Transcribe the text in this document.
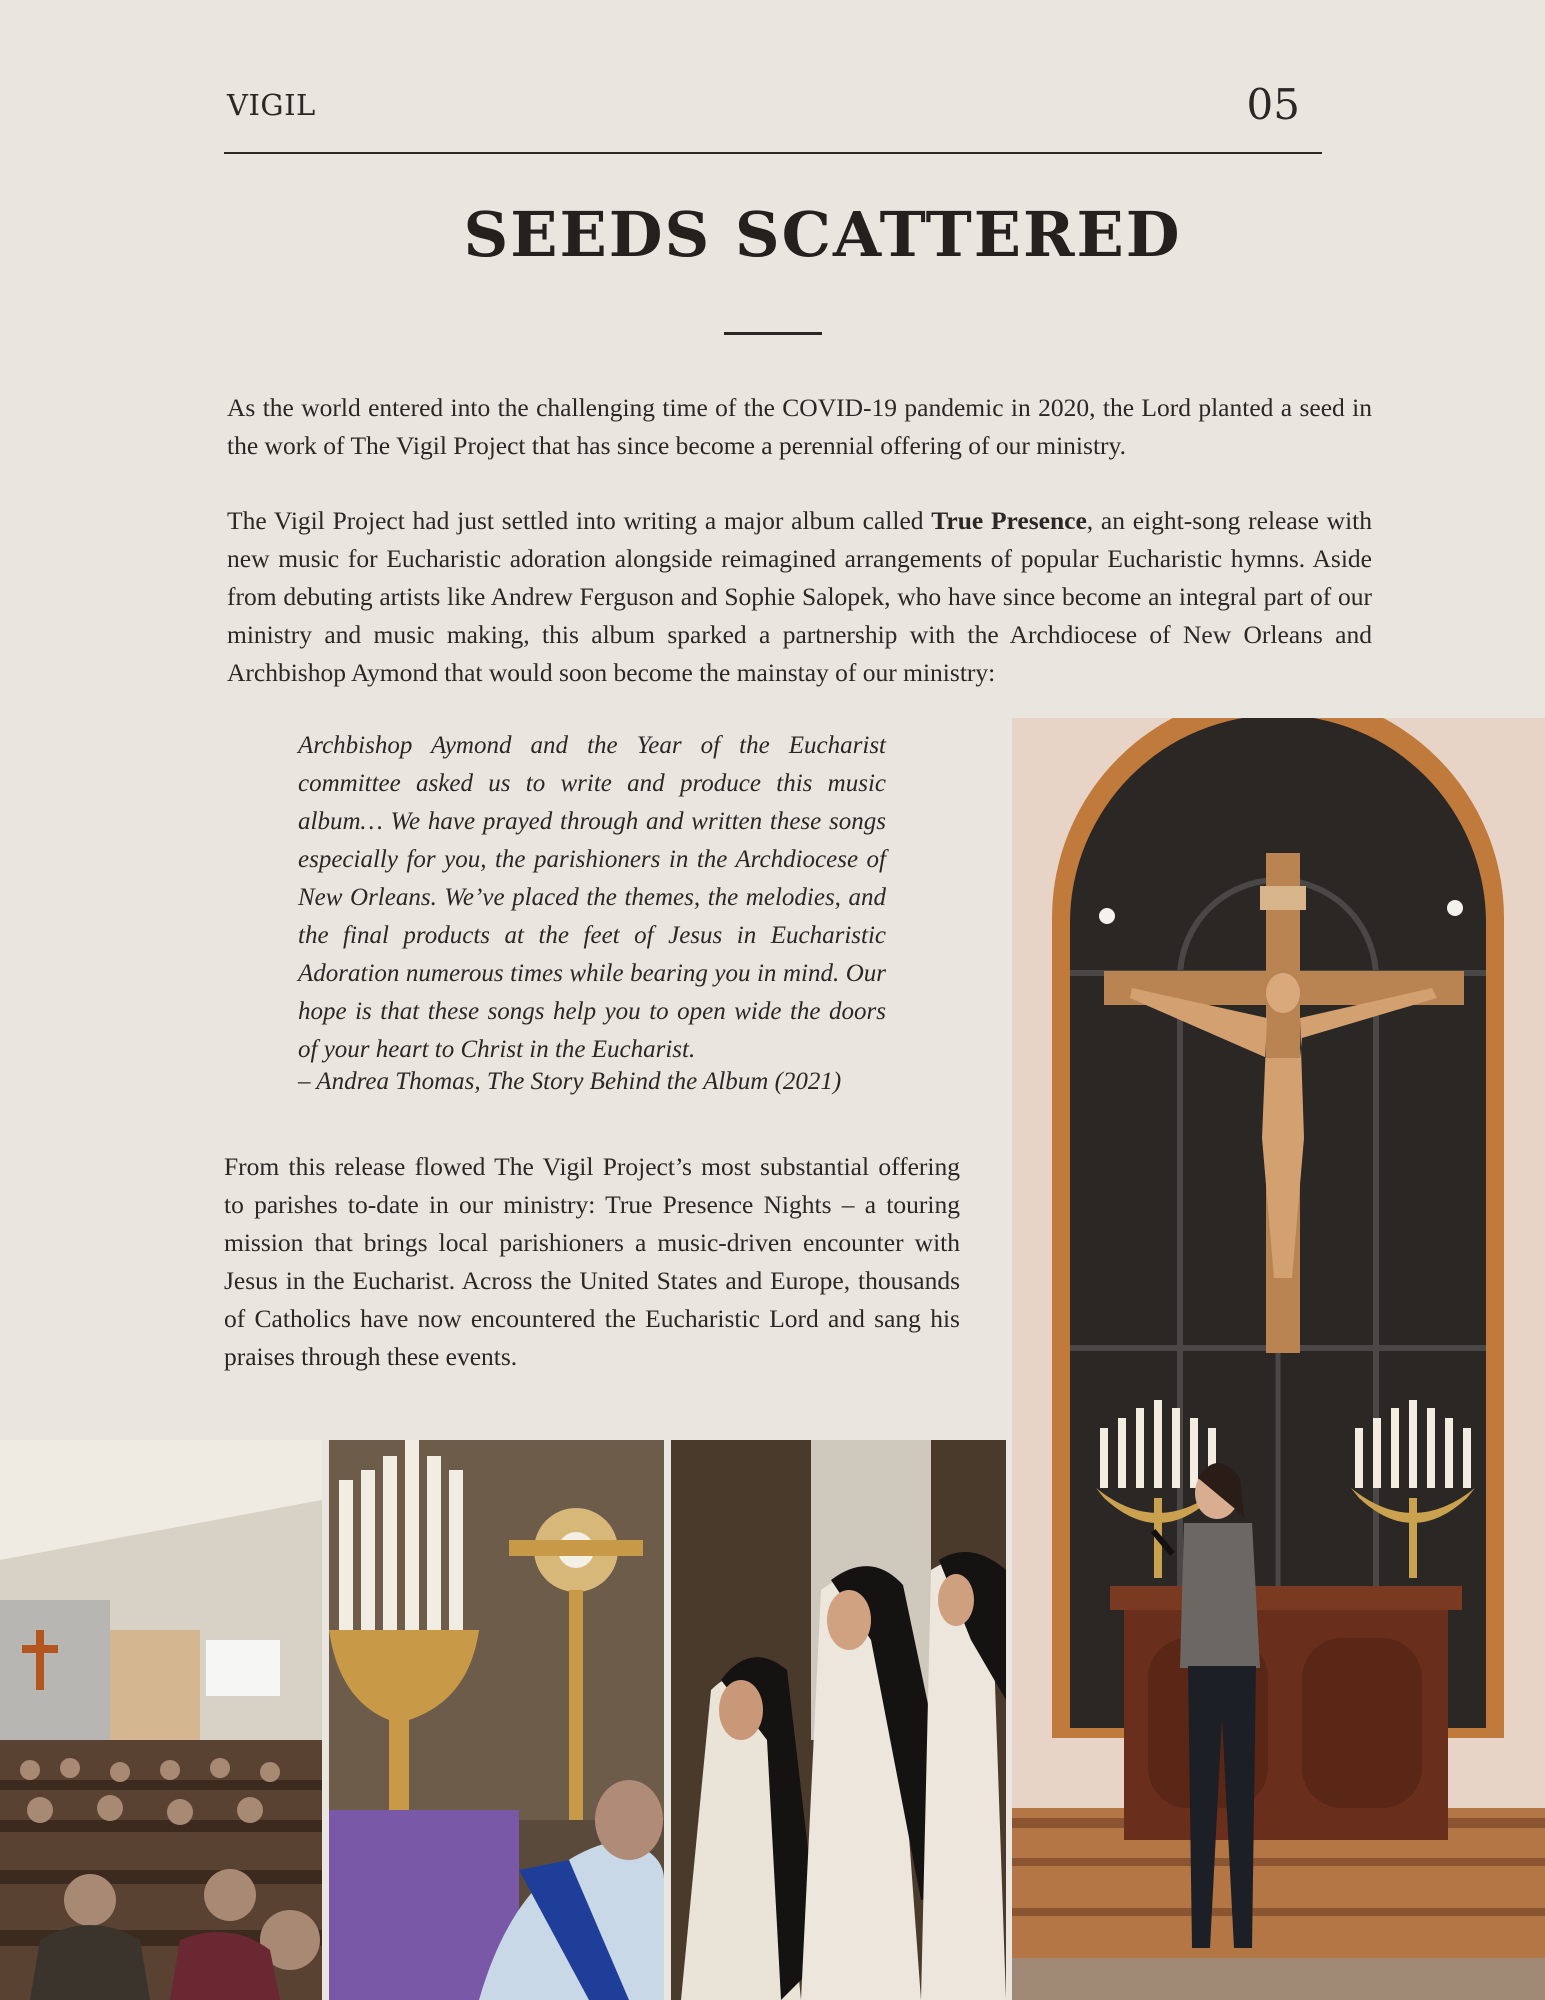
VIGIL	05
SEEDS SCATTERED
As the world entered into the challenging time of the COVID-19 pandemic in 2020, the Lord planted a seed in the work of The Vigil Project that has since become a perennial offering of our ministry.
The Vigil Project had just settled into writing a major album called True Presence, an eight-song release with new music for Eucharistic adoration alongside reimagined arrangements of popular Eucharistic hymns. Aside from debuting artists like Andrew Ferguson and Sophie Salopek, who have since become an integral part of our ministry and music making, this album sparked a partnership with the Archdiocese of New Orleans and Archbishop Aymond that would soon become the mainstay of our ministry:
Archbishop Aymond and the Year of the Eucharist committee asked us to write and produce this music album… We have prayed through and written these songs especially for you, the parishioners in the Archdiocese of New Orleans. We’ve placed the themes, the melodies, and the final products at the feet of Jesus in Eucharistic Adoration numerous times while bearing you in mind. Our hope is that these songs help you to open wide the doors of your heart to Christ in the Eucharist.
– Andrea Thomas, The Story Behind the Album (2021)
From this release flowed The Vigil Project’s most substantial offering to parishes to-date in our ministry: True Presence Nights – a touring mission that brings local parishioners a music-driven encounter with Jesus in the Eucharist. Across the United States and Europe, thousands of Catholics have now encountered the Eucharistic Lord and sang his praises through these events.
